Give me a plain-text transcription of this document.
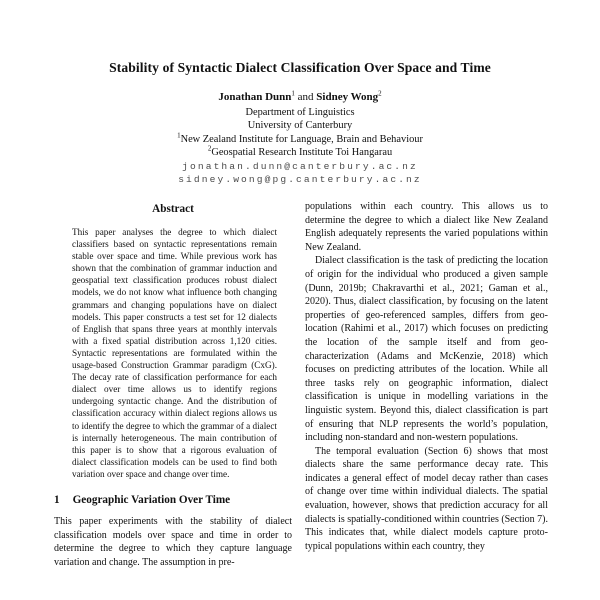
Stability of Syntactic Dialect Classification Over Space and Time
Jonathan Dunn$^1$ and Sidney Wong$^2$
Department of Linguistics
University of Canterbury
$^1$New Zealand Institute for Language, Brain and Behaviour
$^2$Geospatial Research Institute Toi Hangarau
jonathan.dunn@canterbury.ac.nz
sidney.wong@pg.canterbury.ac.nz
Abstract

This paper analyses the degree to which dialect classifiers based on syntactic representations remain stable over space and time. While previous work has shown that the combination of grammar induction and geospatial text classification produces robust dialect models, we do not know what influence both changing grammars and changing populations have on dialect models. This paper constructs a test set for 12 dialects of English that spans three years at monthly intervals with a fixed spatial distribution across 1,120 cities. Syntactic representations are formulated within the usage-based Construction Grammar paradigm (CxG). The decay rate of classification performance for each dialect over time allows us to identify regions undergoing syntactic change. And the distribution of classification accuracy within dialect regions allows us to identify the degree to which the grammar of a dialect is internally heterogeneous. The main contribution of this paper is to show that a rigorous evaluation of dialect classification models can be used to find both variation over space and change over time.

1 Geographic Variation Over Time

This paper experiments with the stability of dialect classification models over space and time in order to determine the degree to which they capture language variation and change. The assumption in pre-

populations within each country. This allows us to determine the degree to which a dialect like New Zealand English adequately represents the varied populations within New Zealand.

Dialect classification is the task of predicting the location of origin for the individual who produced a given sample (Dunn, 2019b; Chakravarthi et al., 2021; Gaman et al., 2020). Thus, dialect classification, by focusing on the latent properties of geo-referenced samples, differs from geo-location (Rahimi et al., 2017) which focuses on predicting the location of the sample itself and from geo-characterization (Adams and McKenzie, 2018) which focuses on predicting attributes of the location. While all three tasks rely on geographic information, dialect classification is unique in modelling variations in the linguistic system. Beyond this, dialect classification is part of ensuring that NLP represents the world’s population, including non-standard and non-western populations.

The temporal evaluation (Section 6) shows that most dialects share the same performance decay rate. This indicates a general effect of model decay rather than cases of change over time within individual dialects. The spatial evaluation, however, shows that prediction accuracy for all dialects is spatially-conditioned within countries (Section 7). This indicates that, while dialect models capture proto-typical populations within each country, they
